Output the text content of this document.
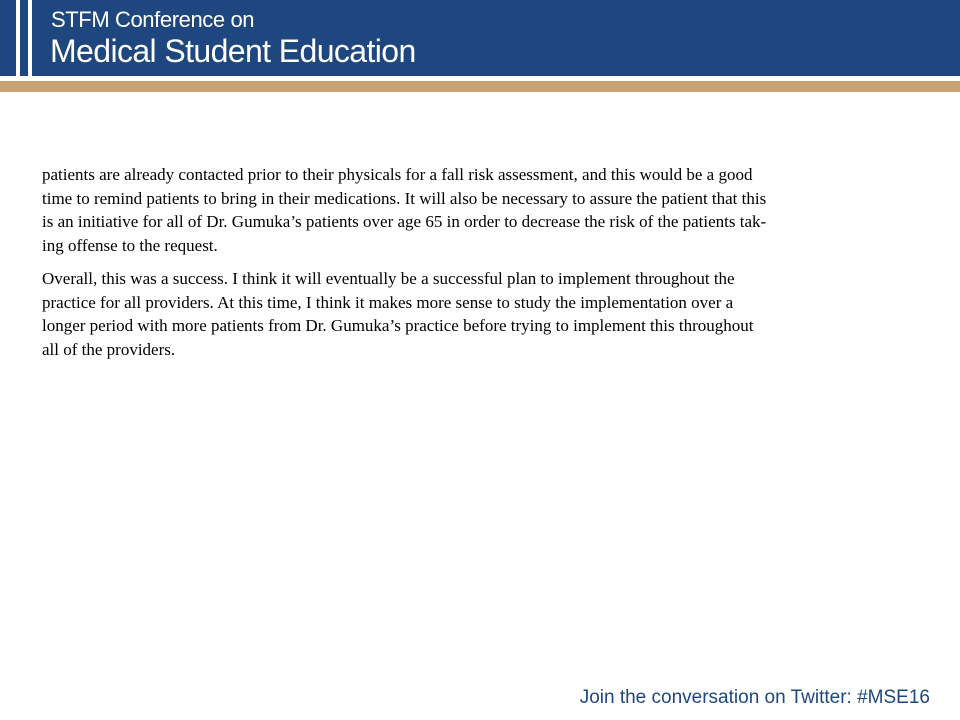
STFM Conference on
Medical Student Education

patients are already contacted prior to their physicals for a fall risk assessment, and this would be a good
time to remind patients to bring in their medications. It will also be necessary to assure the patient that this
is an initiative for all of Dr. Gumuka’s patients over age 65 in order to decrease the risk of the patients tak-
ing offense to the request.

Overall, this was a success. I think it will eventually be a successful plan to implement throughout the
practice for all providers. At this time, I think it makes more sense to study the implementation over a
longer period with more patients from Dr. Gumuka’s practice before trying to implement this throughout
all of the providers.

Join the conversation on Twitter: #MSE16
